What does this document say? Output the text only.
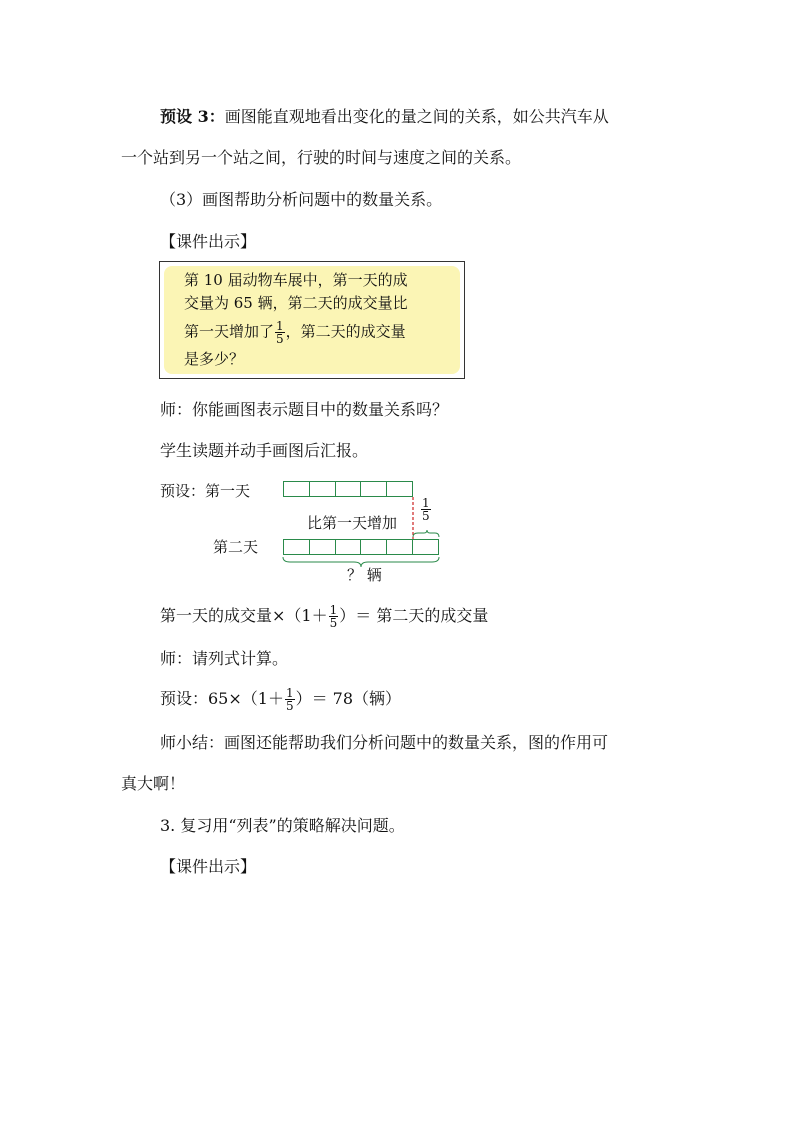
预设 3：画图能直观地看出变化的量之间的关系，如公共汽车从
一个站到另一个站之间，行驶的时间与速度之间的关系。
（3）画图帮助分析问题中的数量关系。
【课件出示】
第 10 届动物车展中，第一天的成
交量为 65 辆，第二天的成交量比
第一天增加了 $\frac{1}{5}$ ，第二天的成交量
是多少？
师：你能画图表示题目中的数量关系吗？
学生读题并动手画图后汇报。
预设：第一天
比第一天增加
$\frac{1}{5}$
第二天
？ 辆
第一天的成交量$\times(1+ \frac{1}{5}$ ）＝ 第二天的成交量
师：请列式计算。
预设：$65\times(1+ \frac{1}{5}$ ）＝ 78（辆）
师小结：画图还能帮助我们分析问题中的数量关系，图的作用可
真大啊！
3. 复习用“列表”的策略解决问题。
【课件出示】
